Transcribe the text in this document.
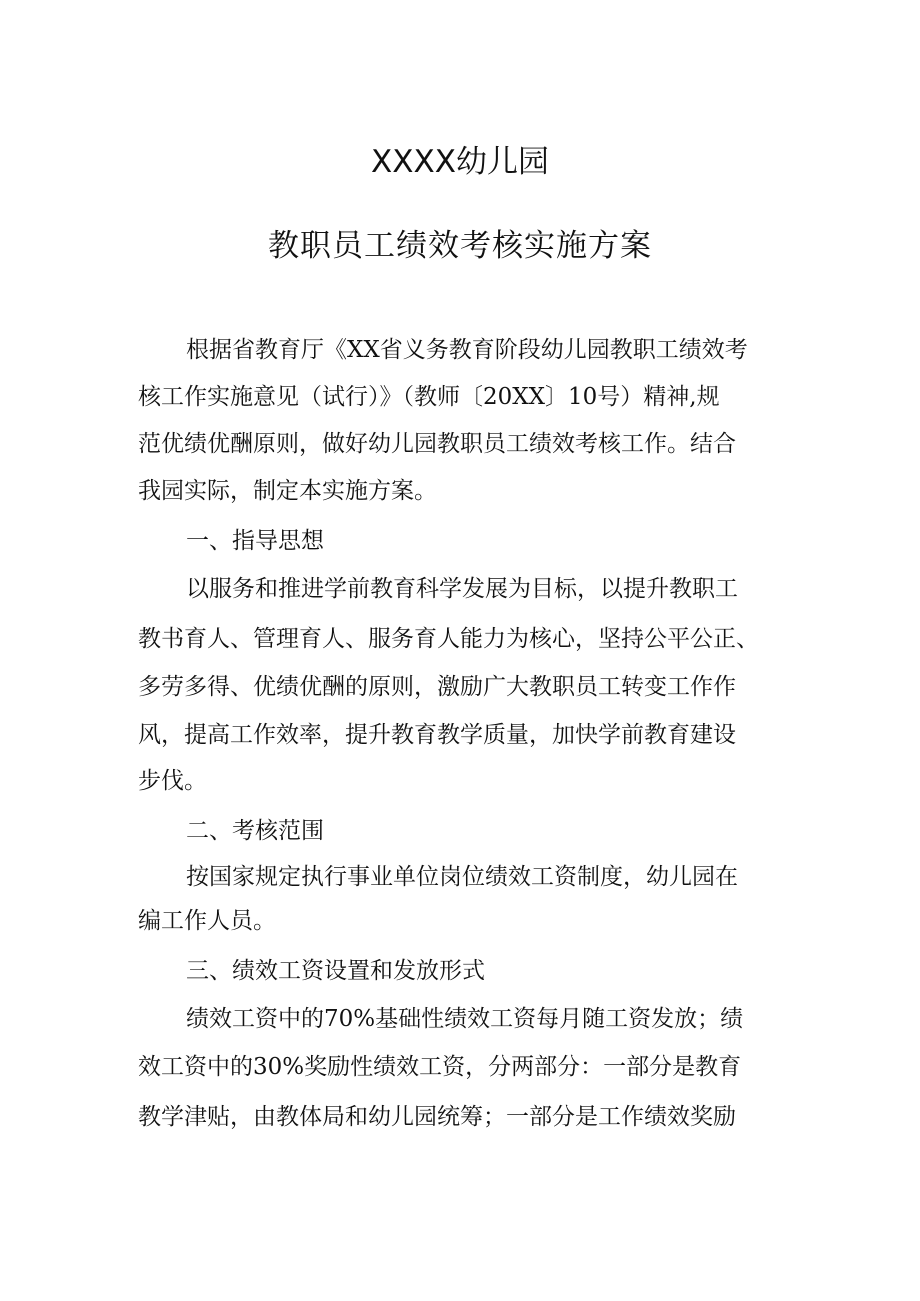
XXXX幼儿园
教职员工绩效考核实施方案
根据省教育厅《XX省义务教育阶段幼儿园教职工绩效考
核工作实施意见（试行）》（教师〔20XX〕10号）精神,规
范优绩优酬原则，做好幼儿园教职员工绩效考核工作。结合
我园实际，制定本实施方案。
一、指导思想
以服务和推进学前教育科学发展为目标，以提升教职工
教书育人、管理育人、服务育人能力为核心，坚持公平公正、
多劳多得、优绩优酬的原则，激励广大教职员工转变工作作
风，提高工作效率，提升教育教学质量，加快学前教育建设
步伐。
二、考核范围
按国家规定执行事业单位岗位绩效工资制度，幼儿园在
编工作人员。
三、绩效工资设置和发放形式
绩效工资中的70%基础性绩效工资每月随工资发放；绩
效工资中的30%奖励性绩效工资，分两部分：一部分是教育
教学津贴，由教体局和幼儿园统筹；一部分是工作绩效奖励
